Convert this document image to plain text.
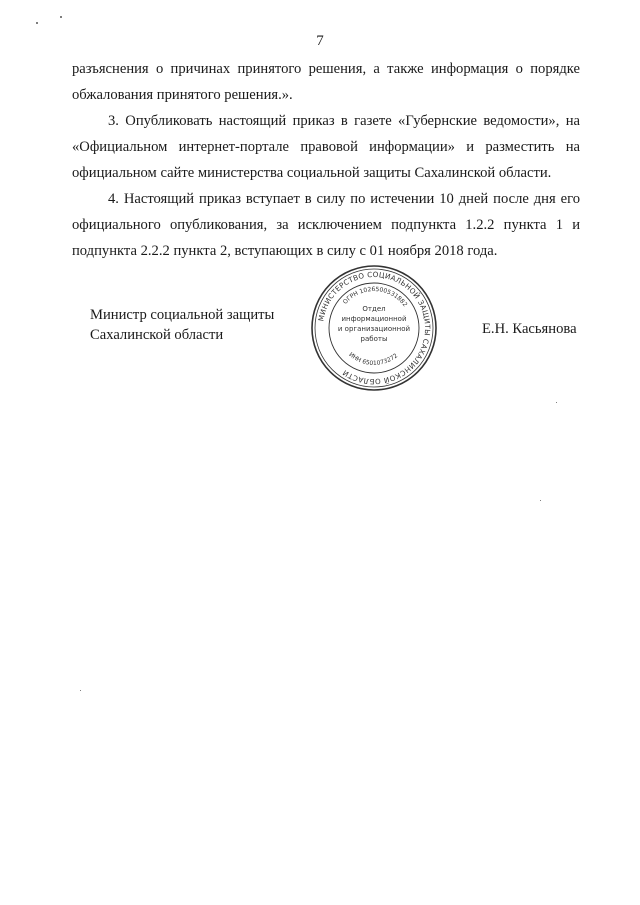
7

разъяснения о причинах принятого решения, а также информация о порядке обжалования принятого решения.».

3. Опубликовать настоящий приказ в газете «Губернские ведомости», на «Официальном интернет-портале правовой информации» и разместить на официальном сайте министерства социальной защиты Сахалинской области.

4. Настоящий приказ вступает в силу по истечении 10 дней после дня его официального опубликования, за исключением подпункта 1.2.2 пункта 1 и подпункта 2.2.2 пункта 2, вступающих в силу с 01 ноября 2018 года.

Министр социальной защиты
Сахалинской области
МИНИСТЕРСТВО СОЦИАЛЬНОЙ ЗАЩИТЫ САХАЛИНСКОЙ ОБЛАСТИ
ОГРН 1026500531882
ИНН 6501073272
Отдел
информационной
и организационной
работы
Е.Н. Касьянова
